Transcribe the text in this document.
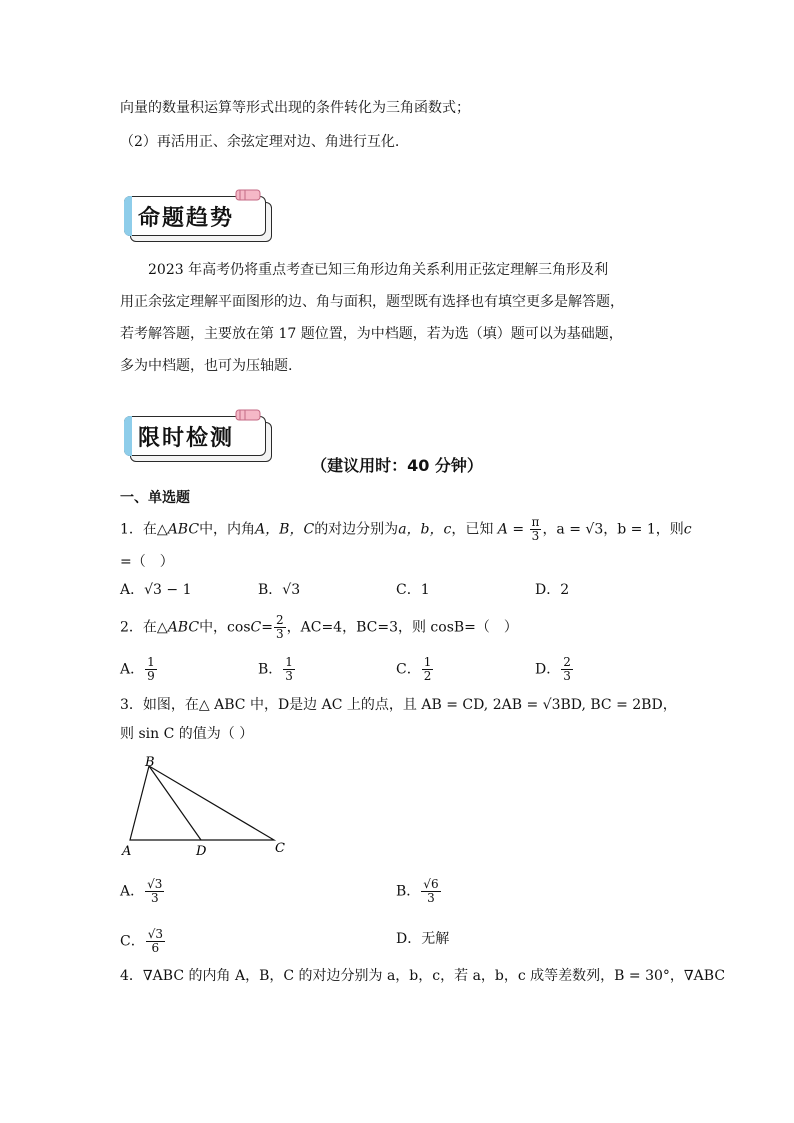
向量的数量积运算等形式出现的条件转化为三角函数式；
（2）再活用正、余弦定理对边、角进行互化.
命题趋势

2023 年高考仍将重点考查已知三角形边角关系利用正弦定理解三角形及利

用正余弦定理解平面图形的边、角与面积，题型既有选择也有填空更多是解答题，

若考解答题，主要放在第 17 题位置，为中档题，若为选（填）题可以为基础题，

多为中档题，也可为压轴题.

限时检测
（建议用时：40 分钟）
一、单选题
1．在△ABC中，内角A，B，C的对边分别为a，b，c，已知 $A = \frac{\pi}{3}$ ，a = √3，b = 1，则c
=（　）
A．√3 − 1	B．√3	C．1	D．2
2．在△ABC中，$\cos C= \frac{2}{3}$ ，AC=4，BC=3，则 cosB=（　）
A． $\frac{1}{9}$	B． $\frac{1}{3}$	C． $\frac{1}{2}$	D． $\frac{2}{3}$
3．如图，在△ ABC 中，D是边 AC 上的点，且 AB = CD, 2AB = √3BD, BC = 2BD，
则 sin C 的值为（ ）
B
A	D	C
A． $\frac{√3}{3}$	B． $\frac{√6}{3}$
C． $\frac{√3}{6}$	D．无解
4．∇ABC 的内角 A，B，C 的对边分别为 a，b，c，若 a，b，c 成等差数列，B = 30°，∇ABC
